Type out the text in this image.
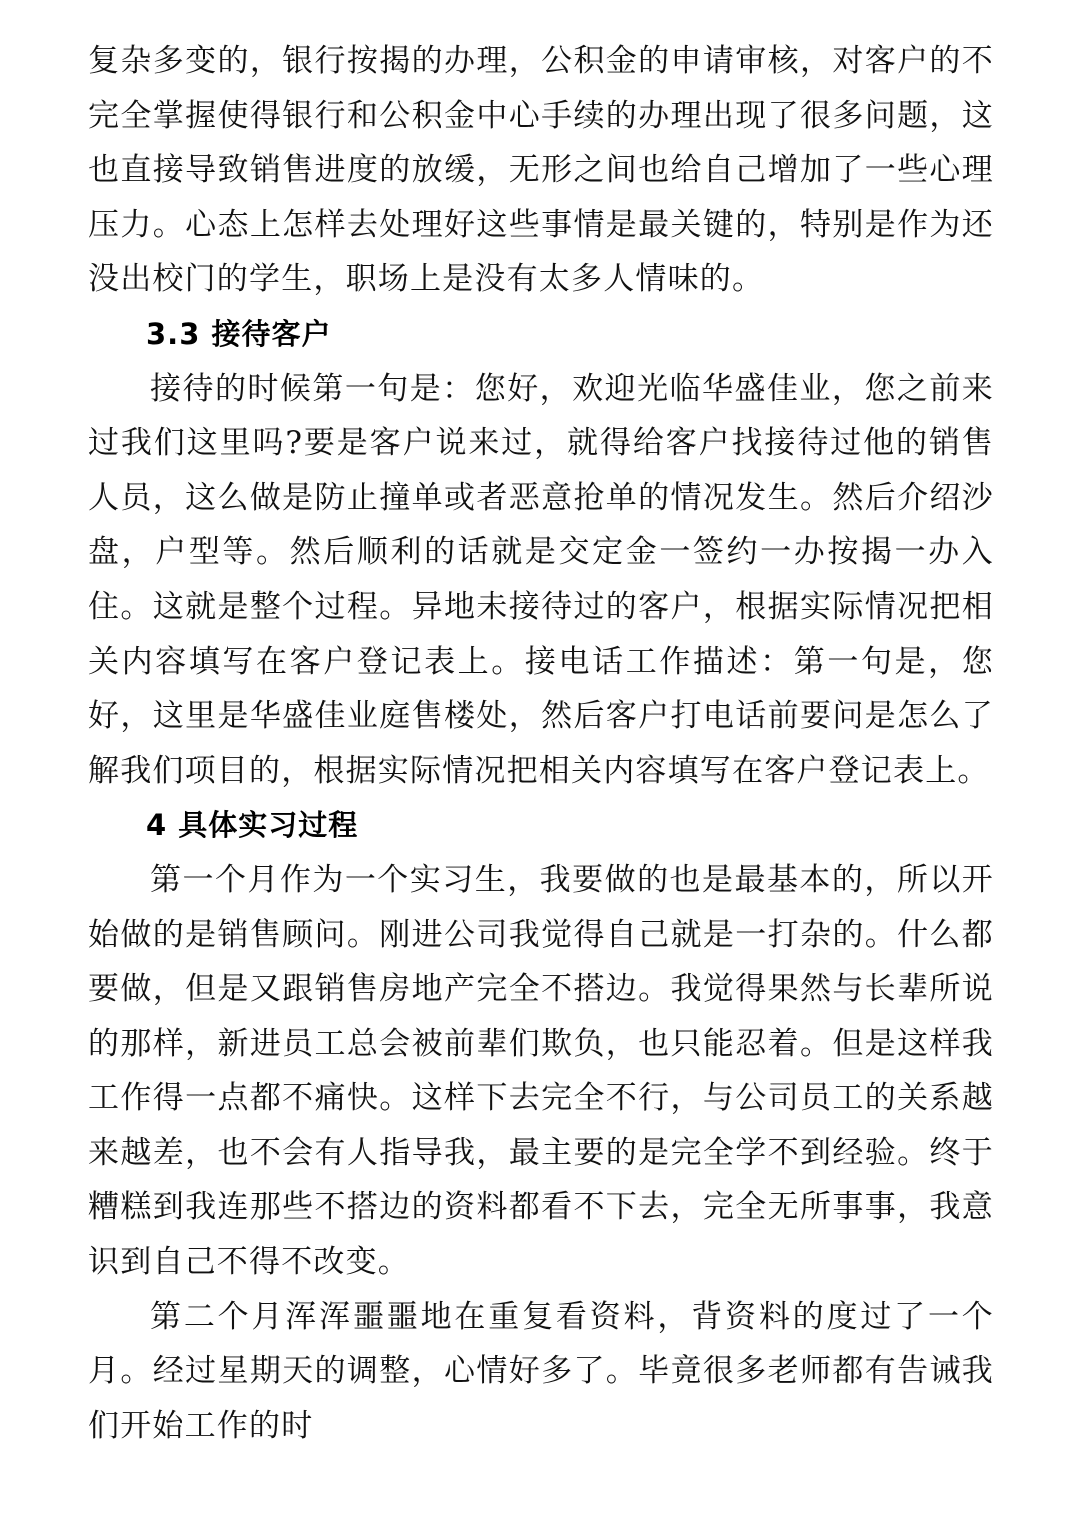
复杂多变的，银行按揭的办理，公积金的申请审核，对客户的不完全掌握使得银行和公积金中心手续的办理出现了很多问题，这也直接导致销售进度的放缓，无形之间也给自己增加了一些心理压力。心态上怎样去处理好这些事情是最关键的，特别是作为还没出校门的学生，职场上是没有太多人情味的。

3.3 接待客户

接待的时候第一句是：您好，欢迎光临华盛佳业，您之前来过我们这里吗?要是客户说来过，就得给客户找接待过他的销售人员，这么做是防止撞单或者恶意抢单的情况发生。然后介绍沙盘，户型等。然后顺利的话就是交定金一签约一办按揭一办入住。这就是整个过程。异地未接待过的客户，根据实际情况把相关内容填写在客户登记表上。接电话工作描述：第一句是，您好，这里是华盛佳业庭售楼处，然后客户打电话前要问是怎么了解我们项目的，根据实际情况把相关内容填写在客户登记表上。

4 具体实习过程

第一个月作为一个实习生，我要做的也是最基本的，所以开始做的是销售顾问。刚进公司我觉得自己就是一打杂的。什么都要做，但是又跟销售房地产完全不搭边。我觉得果然与长辈所说的那样，新进员工总会被前辈们欺负，也只能忍着。但是这样我工作得一点都不痛快。这样下去完全不行，与公司员工的关系越来越差，也不会有人指导我，最主要的是完全学不到经验。终于糟糕到我连那些不搭边的资料都看不下去，完全无所事事，我意识到自己不得不改变。

第二个月浑浑噩噩地在重复看资料，背资料的度过了一个月。经过星期天的调整，心情好多了。毕竟很多老师都有告诫我们开始工作的时
